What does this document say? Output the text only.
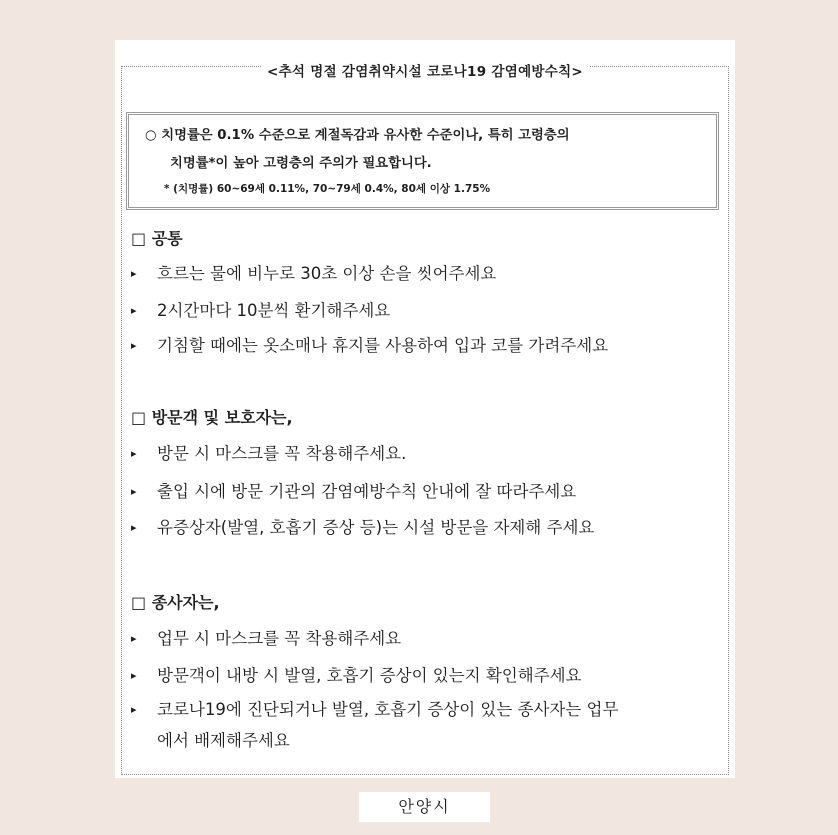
<추석 명절 감염취약시설 코로나19 감염예방수칙>
○ 치명률은 0.1% 수준으로 계절독감과 유사한 수준이나, 특히 고령층의
치명률*이 높아 고령층의 주의가 필요합니다.
* (치명률) 60~69세 0.11%, 70~79세 0.4%, 80세 이상 1.75%
□ 공통
▸ 흐르는 물에 비누로 30초 이상 손을 씻어주세요
▸ 2시간마다 10분씩 환기해주세요
▸ 기침할 때에는 옷소매나 휴지를 사용하여 입과 코를 가려주세요
□ 방문객 및 보호자는,
▸ 방문 시 마스크를 꼭 착용해주세요.
▸ 출입 시에 방문 기관의 감염예방수칙 안내에 잘 따라주세요
▸ 유증상자(발열, 호흡기 증상 등)는 시설 방문을 자제해 주세요
□ 종사자는,
▸ 업무 시 마스크를 꼭 착용해주세요
▸ 방문객이 내방 시 발열, 호흡기 증상이 있는지 확인해주세요
▸ 코로나19에 진단되거나 발열, 호흡기 증상이 있는 종사자는 업무
에서 배제해주세요
안양시
